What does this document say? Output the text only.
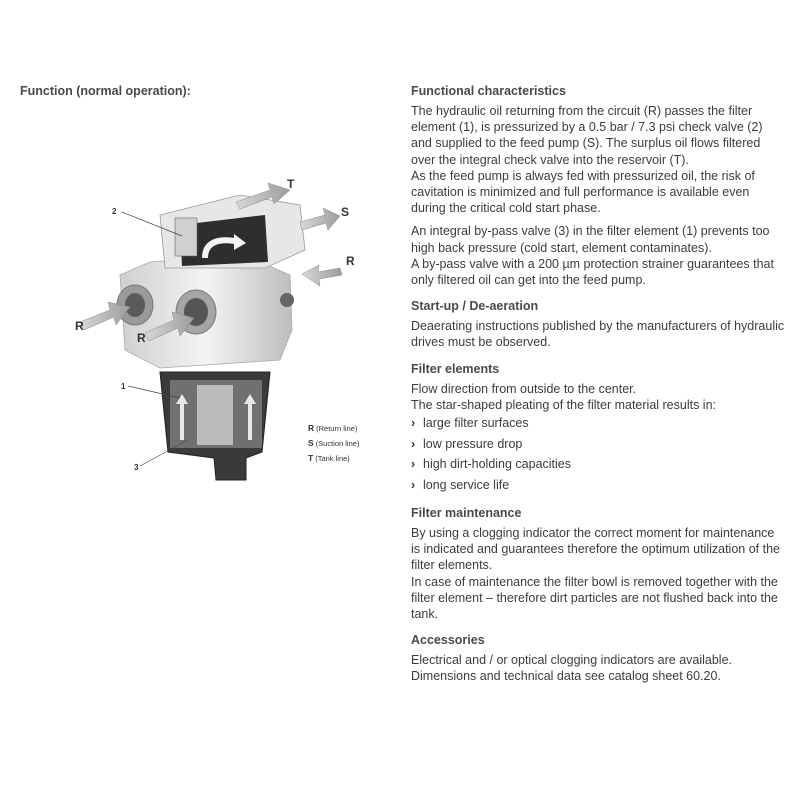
Function (normal operation):
T
S
R
R
R
2
1
3
R (Return line)
S (Suction line)
T (Tank line)
Functional characteristics

The hydraulic oil returning from the circuit (R) passes the filter element (1), is pressurized by a 0.5 bar / 7.3 psi check valve (2) and supplied to the feed pump (S). The surplus oil flows filtered over the integral check valve into the reservoir (T).

As the feed pump is always fed with pressurized oil, the risk of cavitation is minimized and full performance is available even during the critical cold start phase.

An integral by-pass valve (3) in the filter element (1) prevents too high back pressure (cold start, element contaminates).

A by-pass valve with a 200 µm protection strainer guarantees that only filtered oil can get into the feed pump.

Start-up / De-aeration

Deaerating instructions published by the manufacturers of hydraulic drives must be observed.

Filter elements

Flow direction from outside to the center.

The star-shaped pleating of the filter material results in:

› large filter surfaces
› low pressure drop
› high dirt-holding capacities
› long service life
Filter maintenance

By using a clogging indicator the correct moment for maintenance is indicated and guarantees therefore the optimum utilization of the filter elements.

In case of maintenance the filter bowl is removed together with the filter element – therefore dirt particles are not flushed back into the tank.

Accessories

Electrical and / or optical clogging indicators are available.

Dimensions and technical data see catalog sheet 60.20.
